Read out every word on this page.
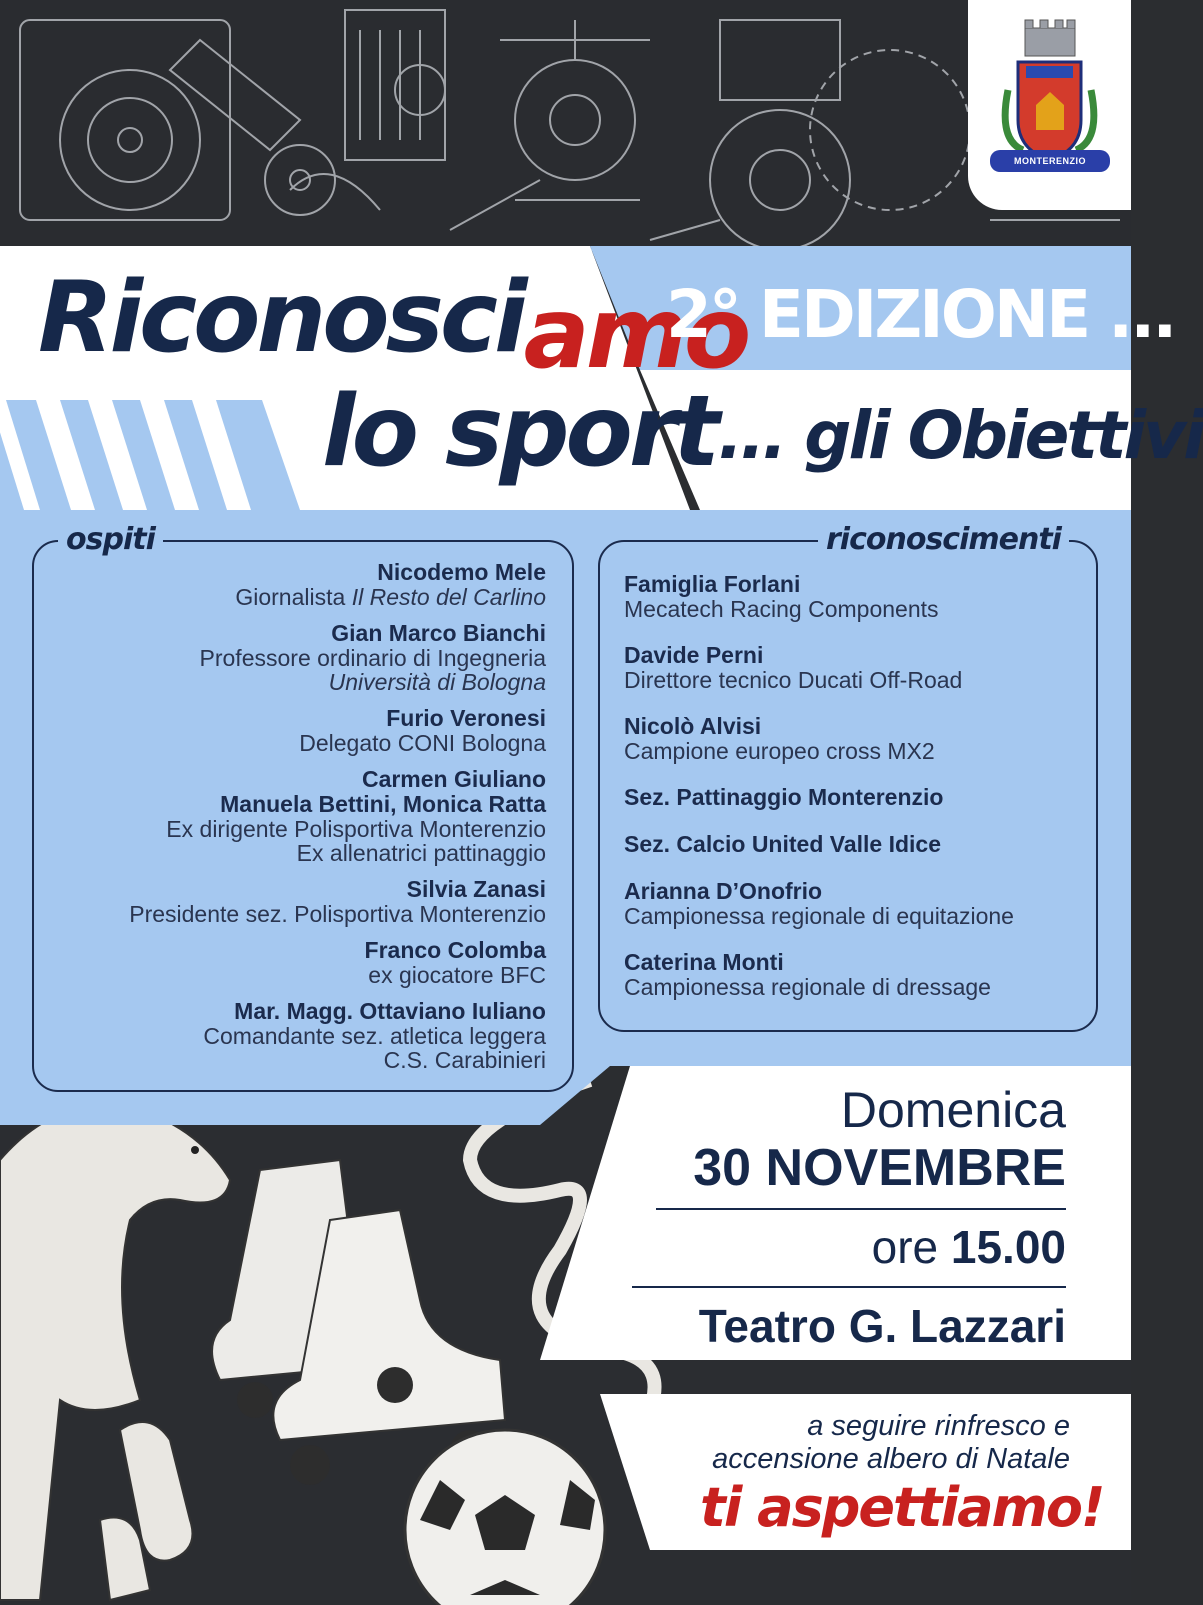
MONTERENZIO
Riconosciamo
lo sport
2° EDIZIONE ...
... gli Obiettivi
ospiti
Nicodemo Mele
Giornalista Il Resto del Carlino
Gian Marco Bianchi
Professore ordinario di Ingegneria
Università di Bologna
Furio Veronesi
Delegato CONI Bologna
Carmen Giuliano
Manuela Bettini, Monica Ratta
Ex dirigente Polisportiva Monterenzio
Ex allenatrici pattinaggio
Silvia Zanasi
Presidente sez. Polisportiva Monterenzio
Franco Colomba
ex giocatore BFC
Mar. Magg. Ottaviano Iuliano
Comandante sez. atletica leggera
C.S. Carabinieri
riconoscimenti
Famiglia Forlani
Mecatech Racing Components
Davide Perni
Direttore tecnico Ducati Off-Road
Nicolò Alvisi
Campione europeo cross MX2
Sez. Pattinaggio Monterenzio
Sez. Calcio United Valle Idice
Arianna D’Onofrio
Campionessa regionale di equitazione
Caterina Monti
Campionessa regionale di dressage
Domenica
30 NOVEMBRE
ore 15.00
Teatro G. Lazzari
a seguire rinfresco e
accensione albero di Natale
ti aspettiamo!
